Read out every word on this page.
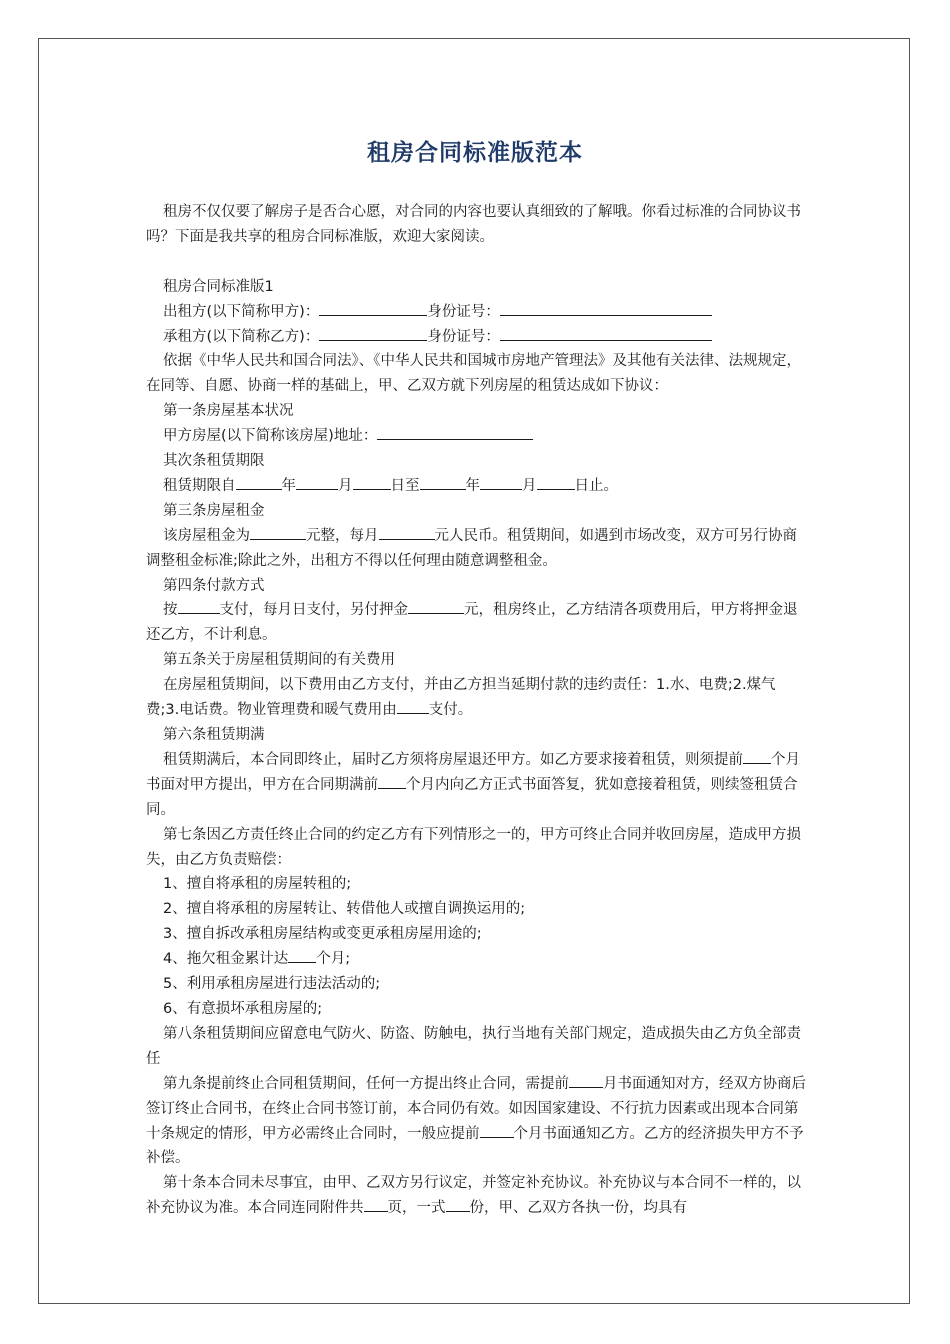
租房合同标准版范本

租房不仅仅要了解房子是否合心愿，对合同的内容也要认真细致的了解哦。你看过标准的合同协议书吗？下面是我共享的租房合同标准版，欢迎大家阅读。

租房合同标准版1

出租方(以下简称甲方)：	身份证号：

承租方(以下简称乙方)：	身份证号：

依据《中华人民共和国合同法》、《中华人民共和国城市房地产管理法》及其他有关法律、法规规定，在同等、自愿、协商一样的基础上，甲、乙双方就下列房屋的租赁达成如下协议：

第一条房屋基本状况

甲方房屋(以下简称该房屋)地址：

其次条租赁期限

租赁期限自	年	月	日至	年	月	日止。

第三条房屋租金

该房屋租金为	元整，每月	元人民币。租赁期间，如遇到市场改变，双方可另行协商调整租金标准;除此之外，出租方不得以任何理由随意调整租金。

第四条付款方式

按	支付，每月日支付，另付押金	元，租房终止，乙方结清各项费用后，甲方将押金退还乙方，不计利息。

第五条关于房屋租赁期间的有关费用

在房屋租赁期间，以下费用由乙方支付，并由乙方担当延期付款的违约责任：1.水、电费;2.煤气费;3.电话费。物业管理费和暖气费用由 支付。

第六条租赁期满

租赁期满后，本合同即终止，届时乙方须将房屋退还甲方。如乙方要求接着租赁，则须提前 个月书面对甲方提出，甲方在合同期满前 个月内向乙方正式书面答复，犹如意接着租赁，则续签租赁合同。

第七条因乙方责任终止合同的约定乙方有下列情形之一的，甲方可终止合同并收回房屋，造成甲方损失，由乙方负责赔偿：

1、擅自将承租的房屋转租的;

2、擅自将承租的房屋转让、转借他人或擅自调换运用的;

3、擅自拆改承租房屋结构或变更承租房屋用途的;

4、拖欠租金累计达 个月;

5、利用承租房屋进行违法活动的;

6、有意损坏承租房屋的;

第八条租赁期间应留意电气防火、防盗、防触电，执行当地有关部门规定，造成损失由乙方负全部责任

第九条提前终止合同租赁期间，任何一方提出终止合同，需提前 月书面通知对方，经双方协商后签订终止合同书，在终止合同书签订前，本合同仍有效。如因国家建设、不行抗力因素或出现本合同第十条规定的情形，甲方必需终止合同时，一般应提前 个月书面通知乙方。乙方的经济损失甲方不予补偿。

第十条本合同未尽事宜，由甲、乙双方另行议定，并签定补充协议。补充协议与本合同不一样的，以补充协议为准。本合同连同附件共 页，一式 份，甲、乙双方各执一份，均具有
